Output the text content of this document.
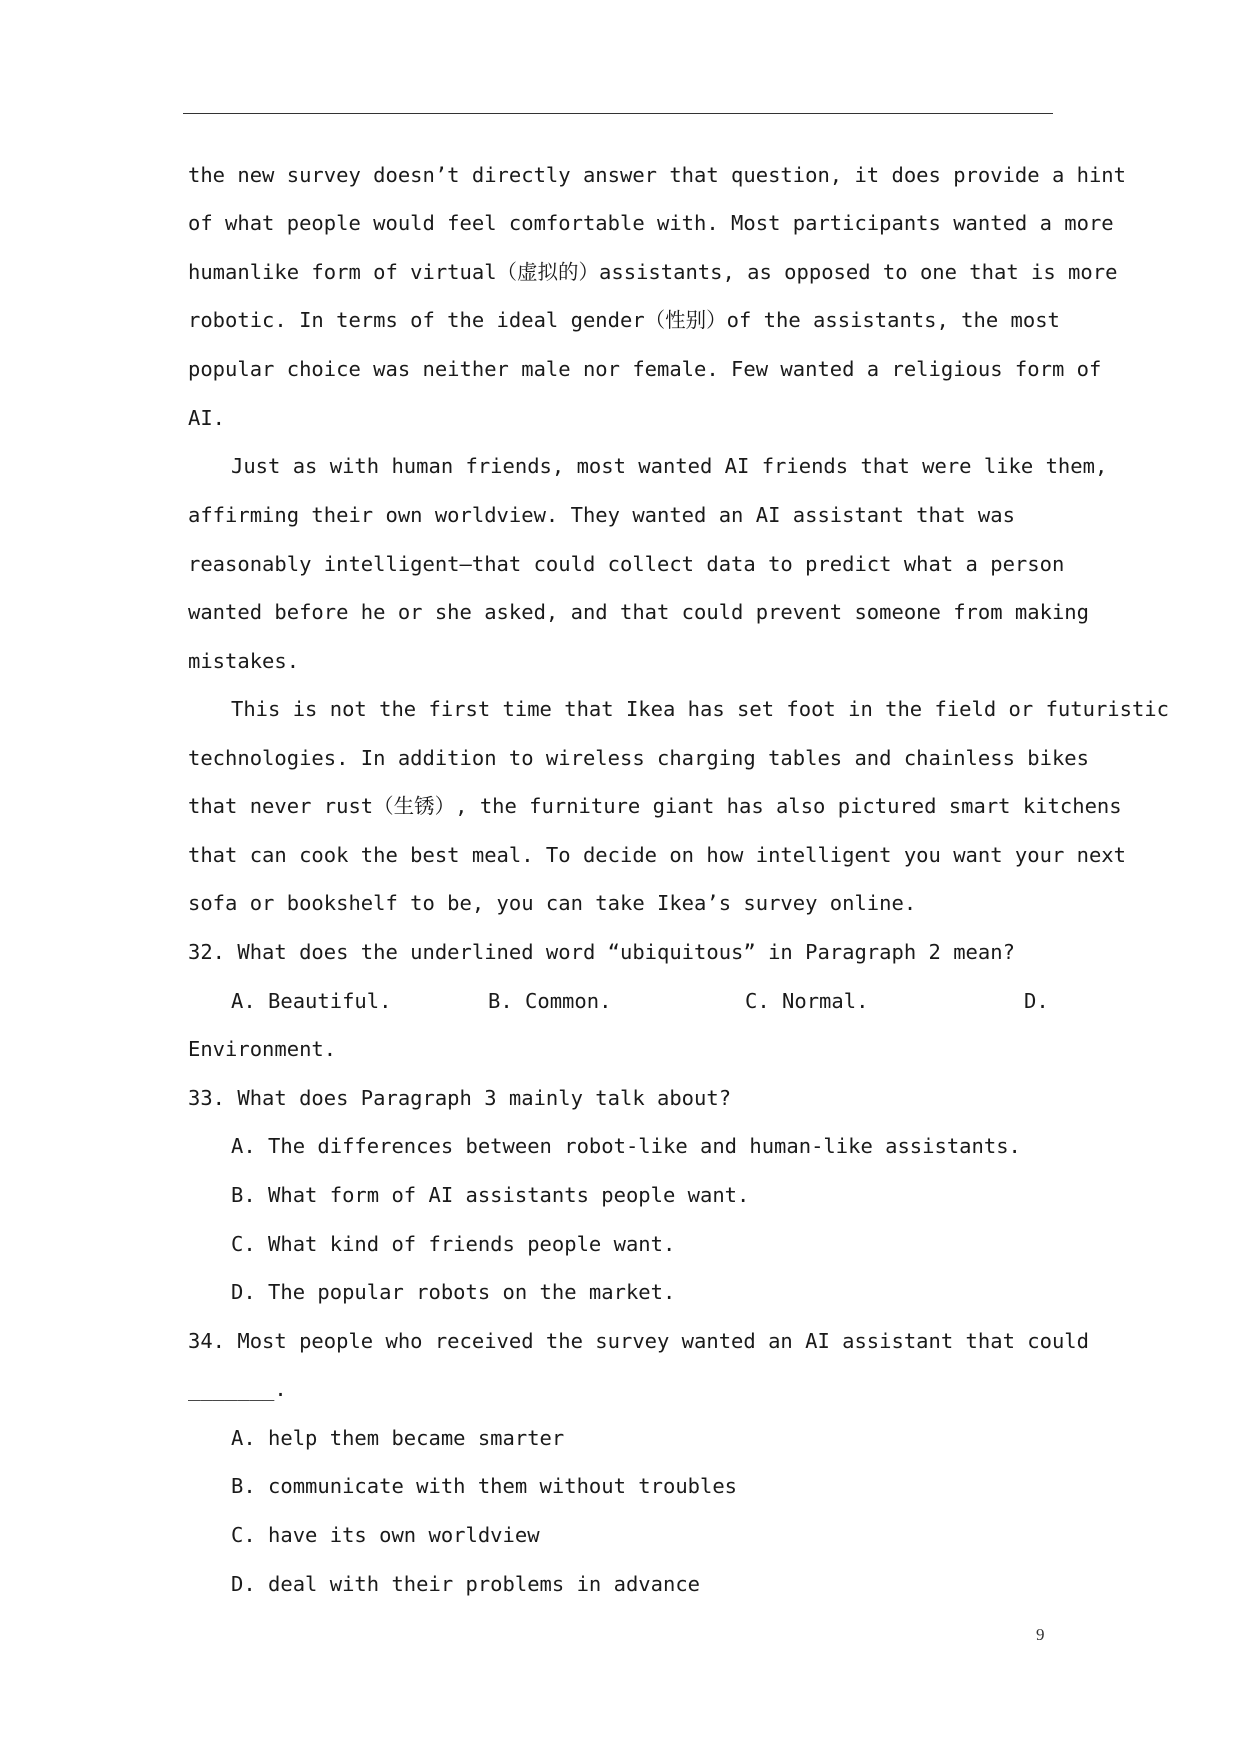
the new survey doesn’t directly answer that question, it does provide a hint
of what people would feel comfortable with. Most participants wanted a more
humanlike form of virtual（虚拟的）assistants, as opposed to one that is more
robotic. In terms of the ideal gender（性别）of the assistants, the most
popular choice was neither male nor female. Few wanted a religious form of
AI.
Just as with human friends, most wanted AI friends that were like them,
affirming their own worldview. They wanted an AI assistant that was
reasonably intelligent—that could collect data to predict what a person
wanted before he or she asked, and that could prevent someone from making
mistakes.
This is not the first time that Ikea has set foot in the field or futuristic
technologies. In addition to wireless charging tables and chainless bikes
that never rust（生锈）, the furniture giant has also pictured smart kitchens
that can cook the best meal. To decide on how intelligent you want your next
sofa or bookshelf to be, you can take Ikea’s survey online.
32. What does the underlined word “ubiquitous” in Paragraph 2 mean?
A. Beautiful.	B. Common.	C. Normal.	D.
Environment.
33. What does Paragraph 3 mainly talk about?
A. The differences between robot-like and human-like assistants.
B. What form of AI assistants people want.
C. What kind of friends people want.
D. The popular robots on the market.
34. Most people who received the survey wanted an AI assistant that could
_______.
A. help them became smarter
B. communicate with them without troubles
C. have its own worldview
D. deal with their problems in advance
9
